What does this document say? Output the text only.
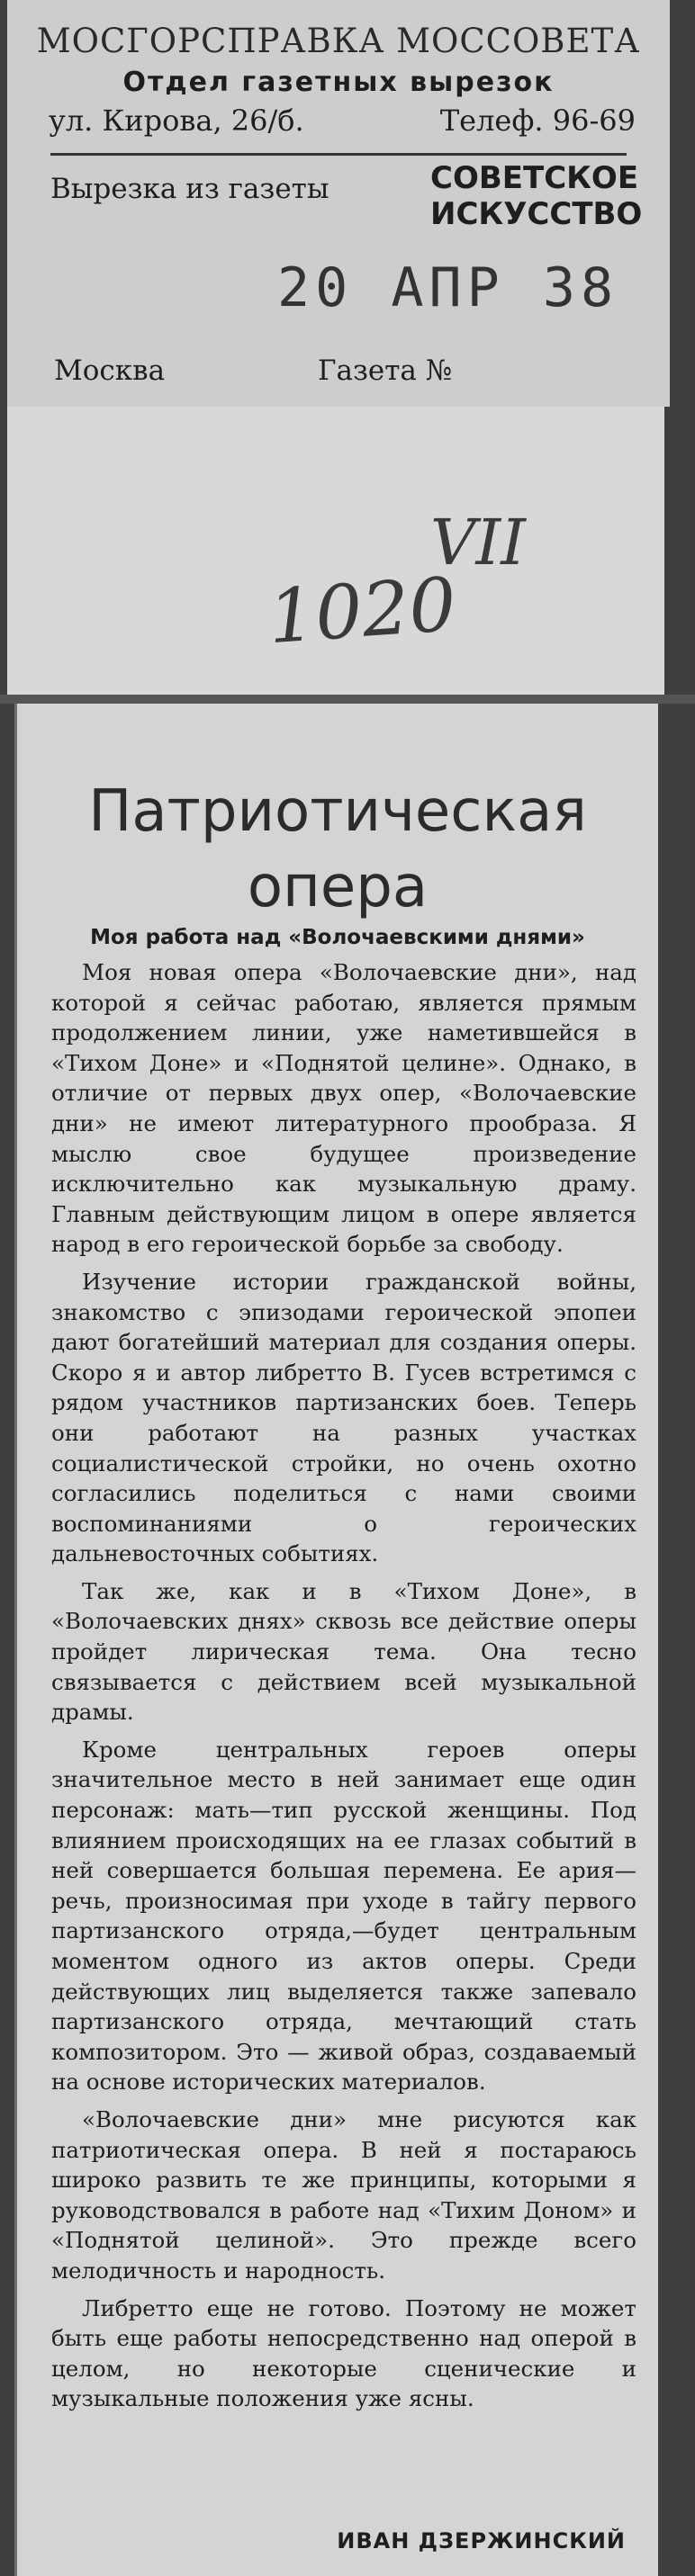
МОСГОРСПРАВКА МОССОВЕТА
Отдел газетных вырезок
ул. Кирова, 26/б.	Телеф. 96-69
Вырезка из газеты	СОВЕТСКОЕ ИСКУССТВО
20 АПР 38
Москва	Газета №
VII
1020
Патриотическая
опера
Моя работа над «Волочаевскими днями»

Моя новая опера «Волочаевские дни», над которой я сейчас работаю, является прямым продолжением линии, уже наметившейся в «Тихом Доне» и «Поднятой целине». Однако, в отличие от первых двух опер, «Волочаевские дни» не имеют литературного прообраза. Я мыслю свое будущее произведение исключительно как музыкальную драму. Главным действующим лицом в опере является народ в его героической борьбе за свободу.

Изучение истории гражданской войны, знакомство с эпизодами героической эпопеи дают богатейший материал для создания оперы. Скоро я и автор либретто В. Гусев встретимся с рядом участников партизанских боев. Теперь они работают на разных участках социалистической стройки, но очень охотно согласились поделиться с нами своими воспоминаниями о героических дальневосточных событиях.

Так же, как и в «Тихом Доне», в «Волочаевских днях» сквозь все действие оперы пройдет лирическая тема. Она тесно связывается с действием всей музыкальной драмы.

Кроме центральных героев оперы значительное место в ней занимает еще один персонаж: мать—тип русской женщины. Под влиянием происходящих на ее глазах событий в ней совершается большая перемена. Ее ария—речь, произносимая при уходе в тайгу первого партизанского отряда,—будет центральным моментом одного из актов оперы. Среди действующих лиц выделяется также запевало партизанского отряда, мечтающий стать композитором. Это — живой образ, создаваемый на основе исторических материалов.

«Волочаевские дни» мне рисуются как патриотическая опера. В ней я постараюсь широко развить те же принципы, которыми я руководствовался в работе над «Тихим Доном» и «Поднятой целиной». Это прежде всего мелодичность и народность.

Либретто еще не готово. Поэтому не может быть еще работы непосредственно над оперой в целом, но некоторые сценические и музыкальные положения уже ясны.

ИВАН ДЗЕРЖИНСКИЙ
